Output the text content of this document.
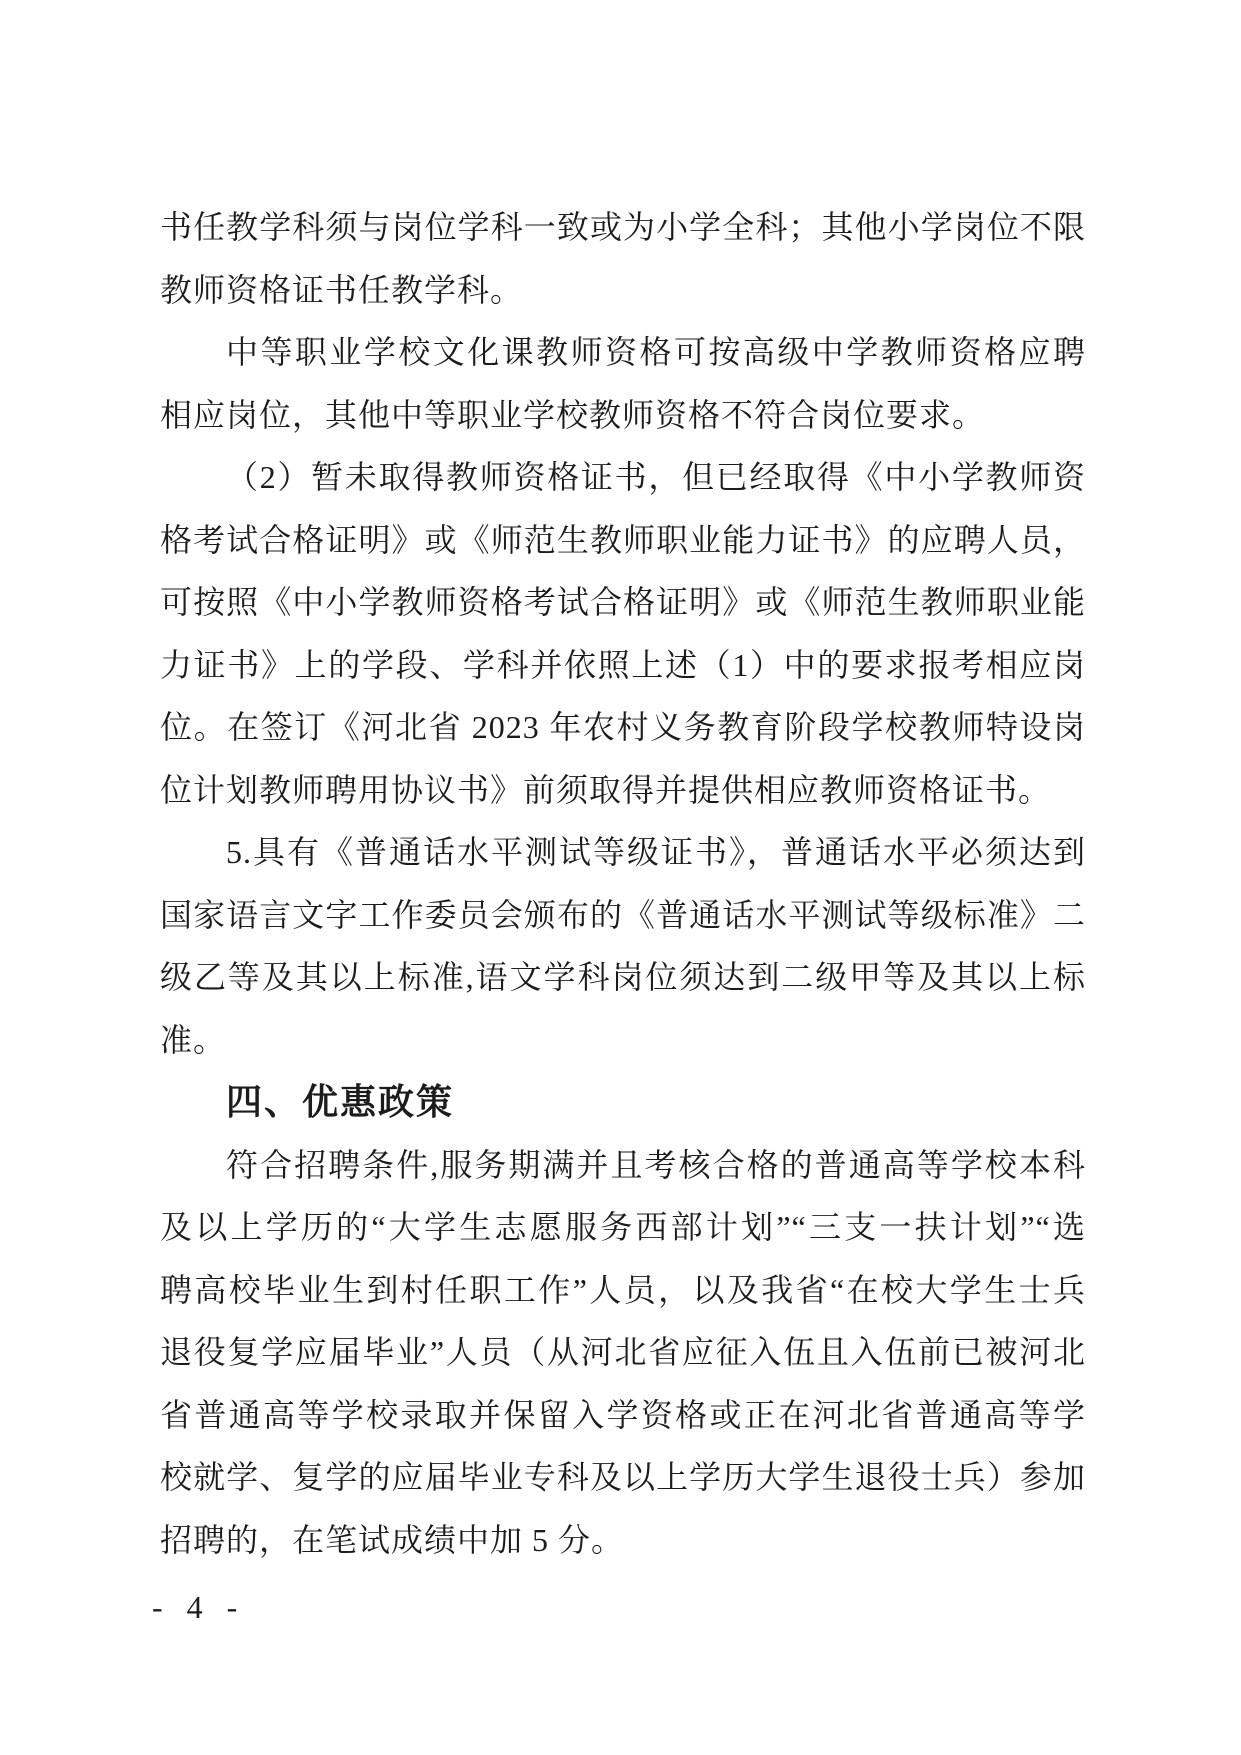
书任教学科须与岗位学科一致或为小学全科；其他小学岗位不限
教师资格证书任教学科。
中等职业学校文化课教师资格可按高级中学教师资格应聘
相应岗位，其他中等职业学校教师资格不符合岗位要求。
（2）暂未取得教师资格证书，但已经取得《中小学教师资
格考试合格证明》或《师范生教师职业能力证书》的应聘人员，
可按照《中小学教师资格考试合格证明》或《师范生教师职业能
力证书》上的学段、学科并依照上述（1）中的要求报考相应岗
位。在签订《河北省 2023 年农村义务教育阶段学校教师特设岗
位计划教师聘用协议书》前须取得并提供相应教师资格证书。
5.具有《普通话水平测试等级证书》，普通话水平必须达到
国家语言文字工作委员会颁布的《普通话水平测试等级标准》二
级乙等及其以上标准,语文学科岗位须达到二级甲等及其以上标
准。
四、优惠政策
符合招聘条件,服务期满并且考核合格的普通高等学校本科
及以上学历的“大学生志愿服务西部计划”“三支一扶计划”“选
聘高校毕业生到村任职工作”人员，以及我省“在校大学生士兵
退役复学应届毕业”人员（从河北省应征入伍且入伍前已被河北
省普通高等学校录取并保留入学资格或正在河北省普通高等学
校就学、复学的应届毕业专科及以上学历大学生退役士兵）参加
招聘的，在笔试成绩中加 5 分。
- 4 -
